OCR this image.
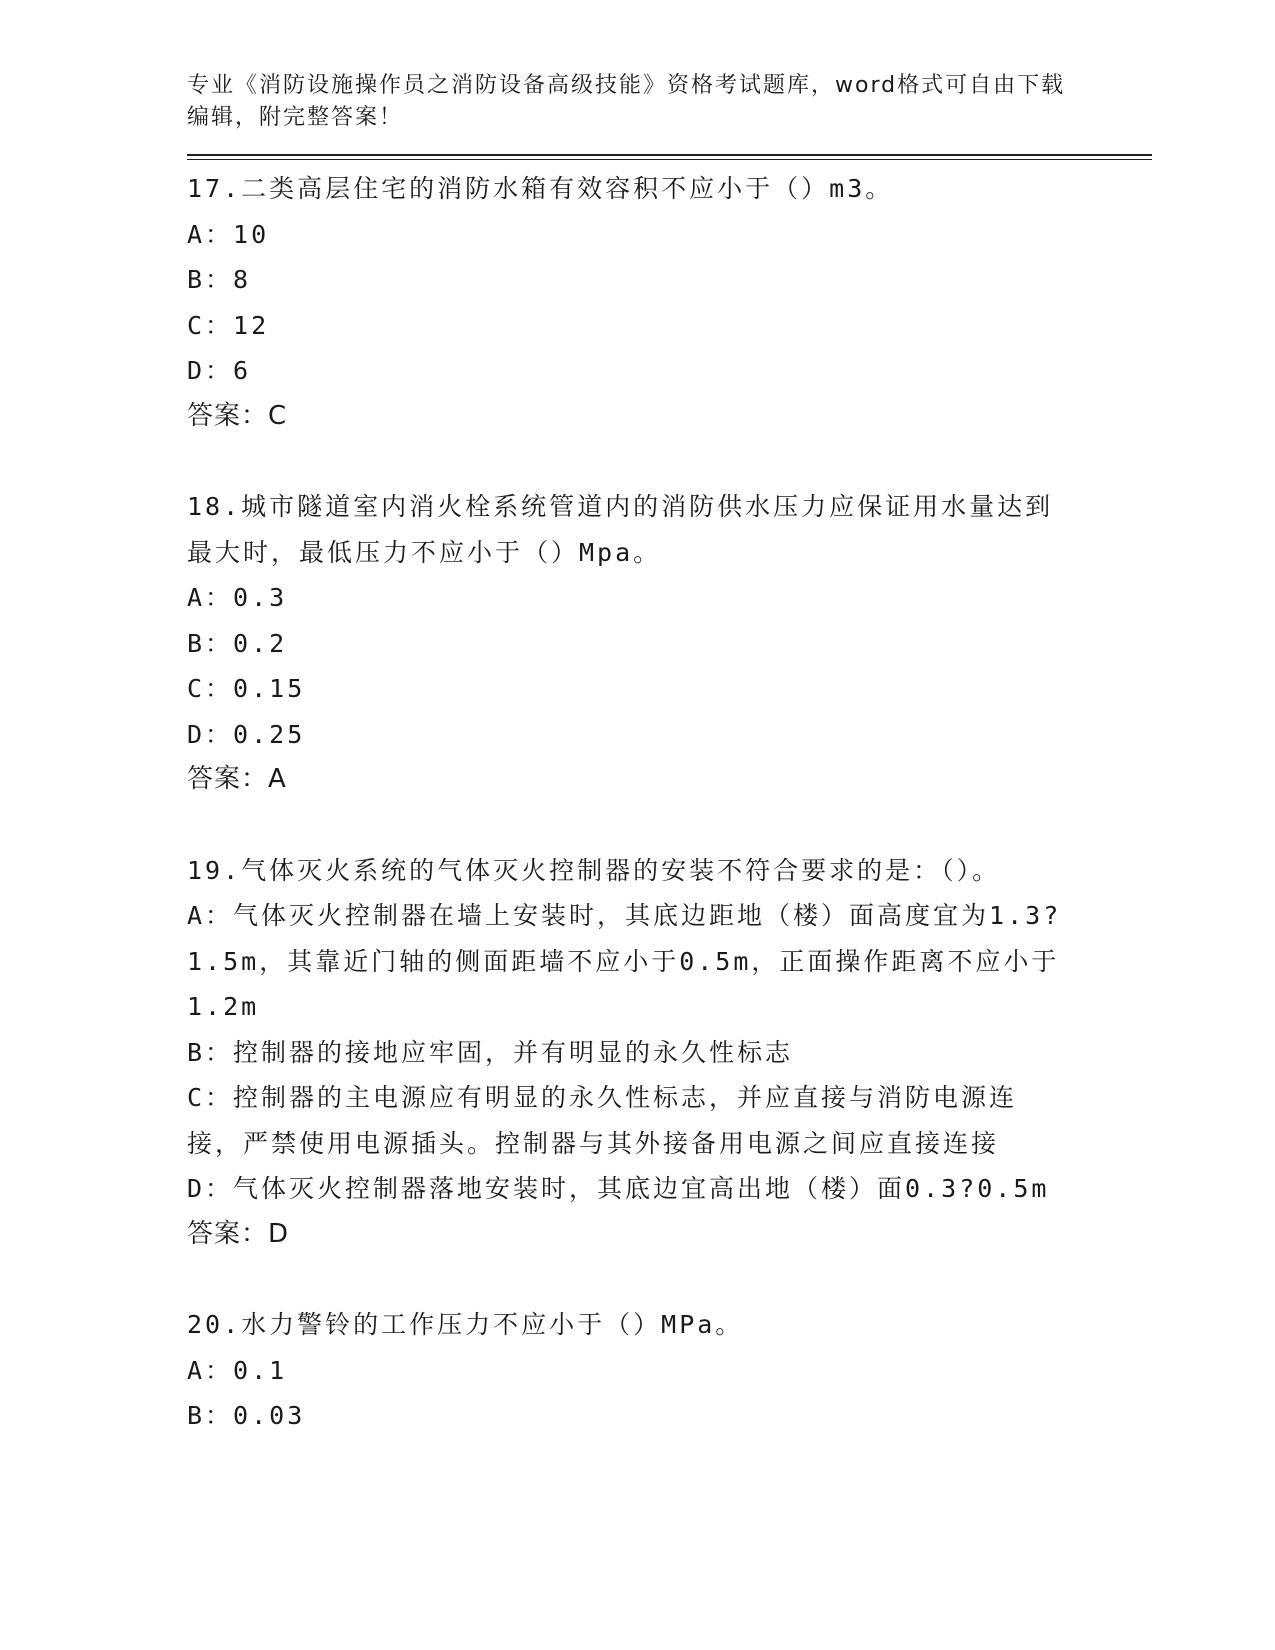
专业《消防设施操作员之消防设备高级技能》资格考试题库，word格式可自由下载编辑，附完整答案！
17.二类高层住宅的消防水箱有效容积不应小于（）m3。
A：10
B：8
C：12
D：6
答案：C
18.城市隧道室内消火栓系统管道内的消防供水压力应保证用水量达到最大时，最低压力不应小于（）Mpa。
A：0.3
B：0.2
C：0.15
D：0.25
答案：A
19.气体灭火系统的气体灭火控制器的安装不符合要求的是：（）。
A：气体灭火控制器在墙上安装时，其底边距地（楼）面高度宜为1.3?1.5m，其靠近门轴的侧面距墙不应小于0.5m，正面操作距离不应小于1.2m
B：控制器的接地应牢固，并有明显的永久性标志
C：控制器的主电源应有明显的永久性标志，并应直接与消防电源连接，严禁使用电源插头。控制器与其外接备用电源之间应直接连接
D：气体灭火控制器落地安装时，其底边宜高出地（楼）面0.3?0.5m
答案：D
20.水力警铃的工作压力不应小于（）MPa。
A：0.1
B：0.03
